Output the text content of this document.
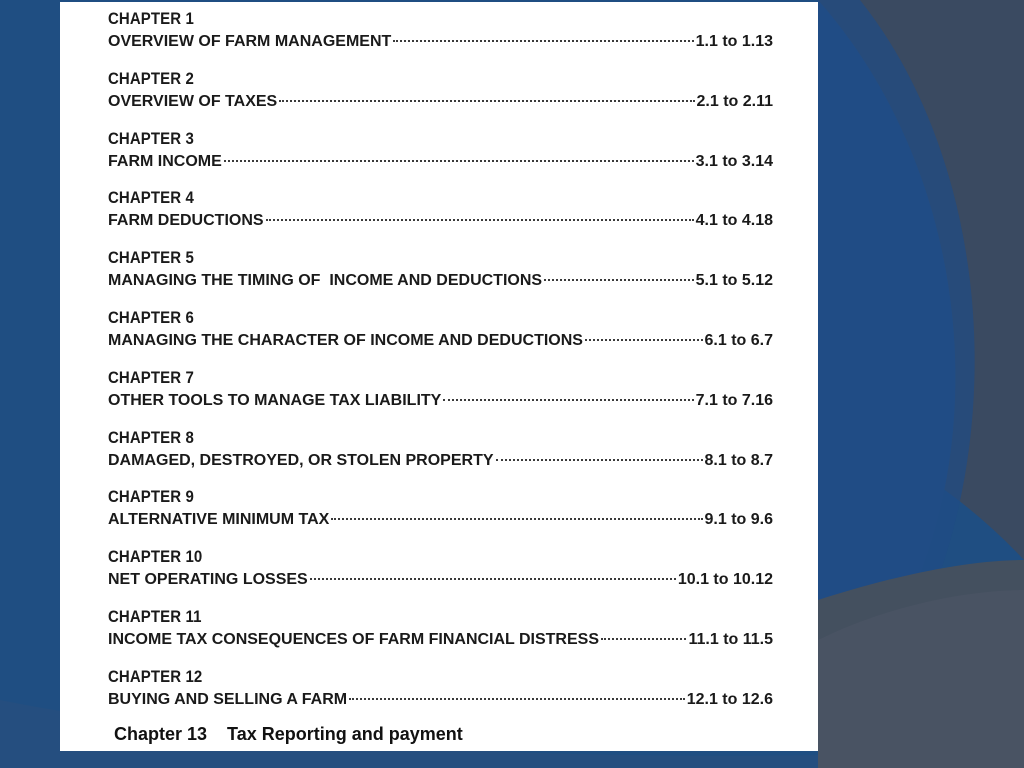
CHAPTER 1
OVERVIEW OF FARM MANAGEMENT	1.1 to 1.13
CHAPTER 2
OVERVIEW OF TAXES	2.1 to 2.11
CHAPTER 3
FARM INCOME	3.1 to 3.14
CHAPTER 4
FARM DEDUCTIONS	4.1 to 4.18
CHAPTER 5
MANAGING THE TIMING OF  INCOME AND DEDUCTIONS	5.1 to 5.12
CHAPTER 6
MANAGING THE CHARACTER OF INCOME AND DEDUCTIONS	6.1 to 6.7
CHAPTER 7
OTHER TOOLS TO MANAGE TAX LIABILITY	7.1 to 7.16
CHAPTER 8
DAMAGED, DESTROYED, OR STOLEN PROPERTY	8.1 to 8.7
CHAPTER 9
ALTERNATIVE MINIMUM TAX	9.1 to 9.6
CHAPTER 10
NET OPERATING LOSSES	10.1 to 10.12
CHAPTER 11
INCOME TAX CONSEQUENCES OF FARM FINANCIAL DISTRESS	11.1 to 11.5
CHAPTER 12
BUYING AND SELLING A FARM	12.1 to 12.6
Chapter 13    Tax Reporting and payment
